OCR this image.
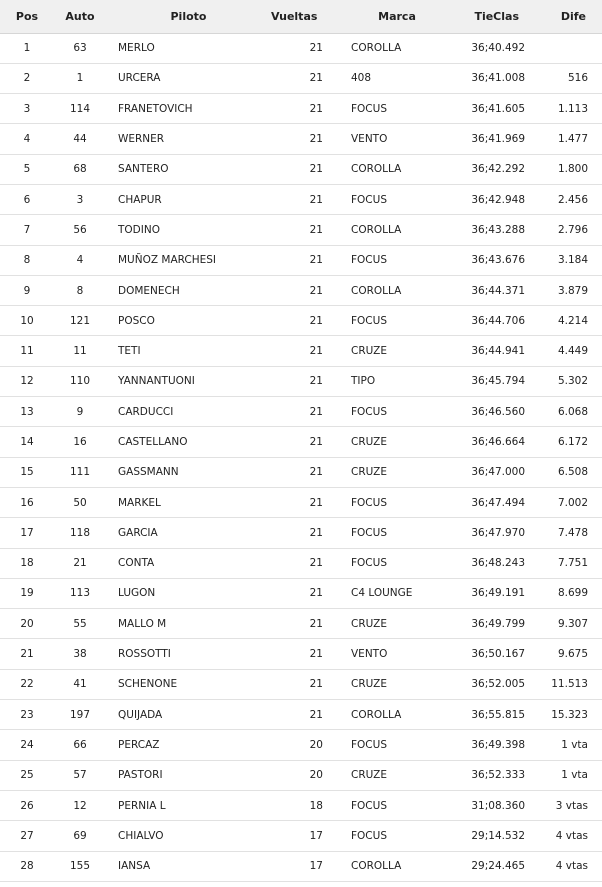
Pos	Auto	Piloto	Vueltas	Marca	TieClas	Dife
1	63	MERLO	21	COROLLA	36;40.492	
2	1	URCERA	21	408	36;41.008	516
3	114	FRANETOVICH	21	FOCUS	36;41.605	1.113
4	44	WERNER	21	VENTO	36;41.969	1.477
5	68	SANTERO	21	COROLLA	36;42.292	1.800
6	3	CHAPUR	21	FOCUS	36;42.948	2.456
7	56	TODINO	21	COROLLA	36;43.288	2.796
8	4	MUÑOZ MARCHESI	21	FOCUS	36;43.676	3.184
9	8	DOMENECH	21	COROLLA	36;44.371	3.879
10	121	POSCO	21	FOCUS	36;44.706	4.214
11	11	TETI	21	CRUZE	36;44.941	4.449
12	110	YANNANTUONI	21	TIPO	36;45.794	5.302
13	9	CARDUCCI	21	FOCUS	36;46.560	6.068
14	16	CASTELLANO	21	CRUZE	36;46.664	6.172
15	111	GASSMANN	21	CRUZE	36;47.000	6.508
16	50	MARKEL	21	FOCUS	36;47.494	7.002
17	118	GARCIA	21	FOCUS	36;47.970	7.478
18	21	CONTA	21	FOCUS	36;48.243	7.751
19	113	LUGON	21	C4 LOUNGE	36;49.191	8.699
20	55	MALLO M	21	CRUZE	36;49.799	9.307
21	38	ROSSOTTI	21	VENTO	36;50.167	9.675
22	41	SCHENONE	21	CRUZE	36;52.005	11.513
23	197	QUIJADA	21	COROLLA	36;55.815	15.323
24	66	PERCAZ	20	FOCUS	36;49.398	1 vta
25	57	PASTORI	20	CRUZE	36;52.333	1 vta
26	12	PERNIA L	18	FOCUS	31;08.360	3 vtas
27	69	CHIALVO	17	FOCUS	29;14.532	4 vtas
28	155	IANSA	17	COROLLA	29;24.465	4 vtas
